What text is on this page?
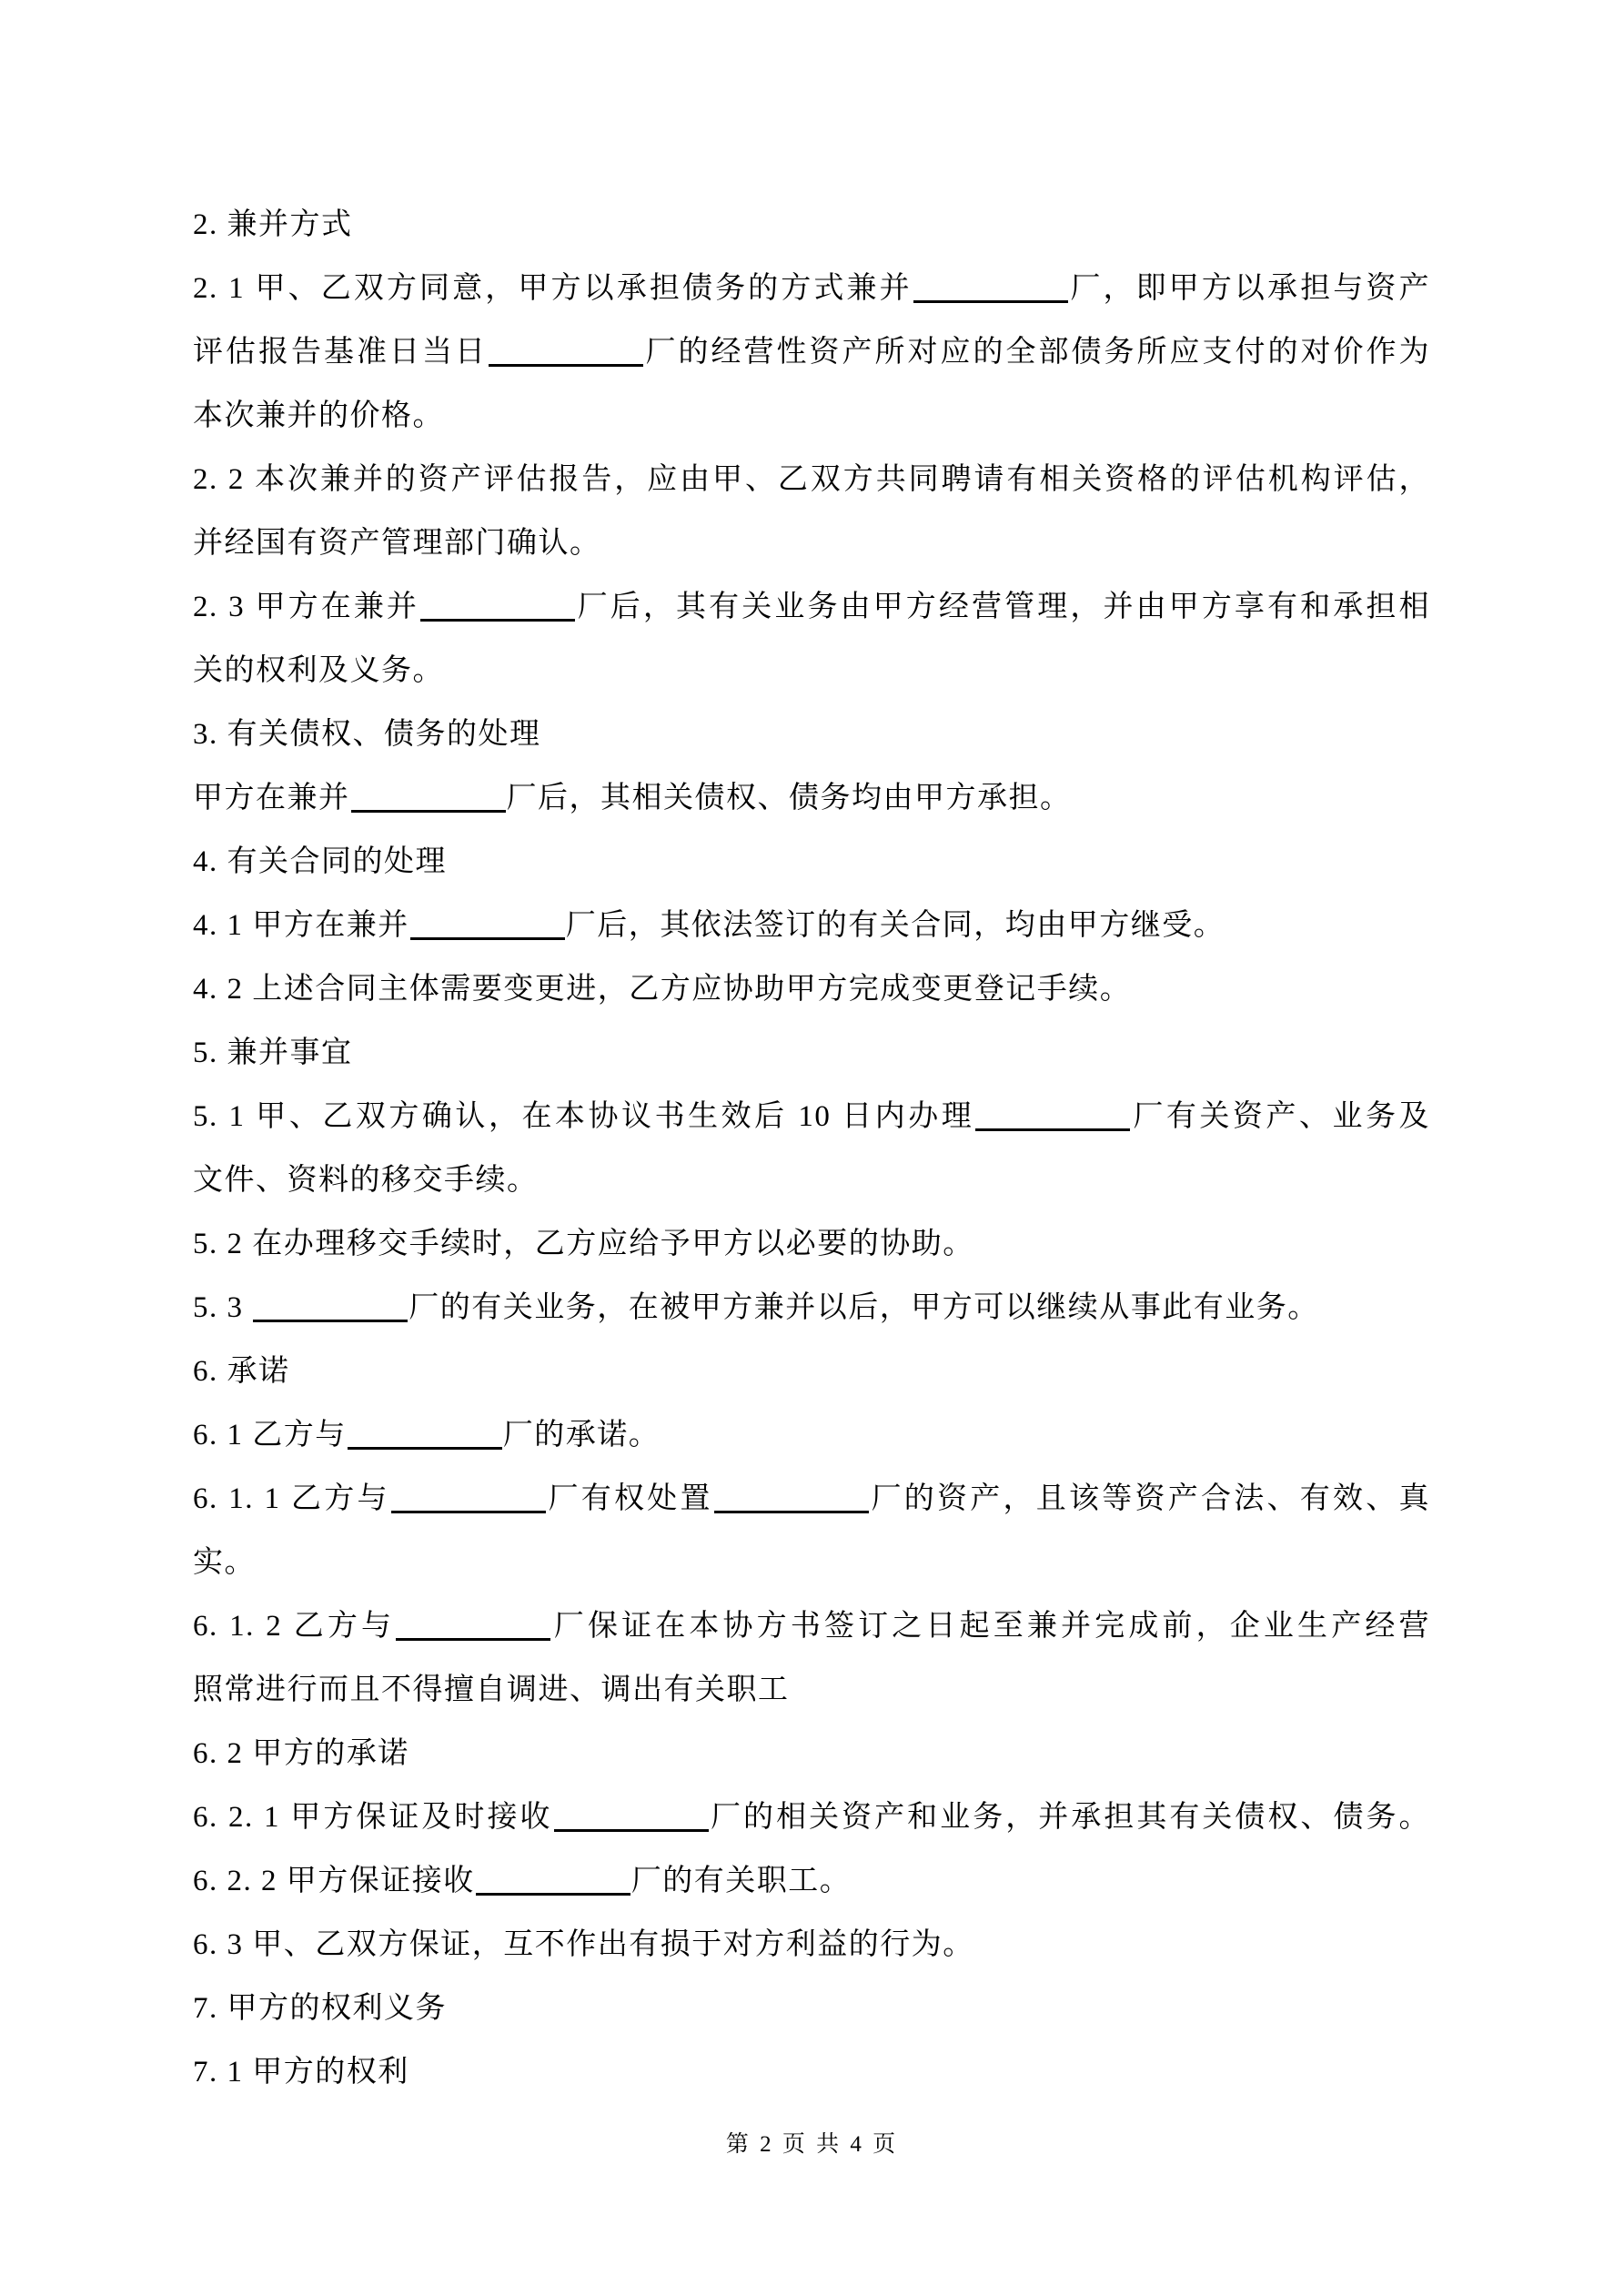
2. 兼并方式
2. 1 甲、乙双方同意，甲方以承担债务的方式兼并	厂，即甲方以承担与资产
评估报告基准日当日	厂的经营性资产所对应的全部债务所应支付的对价作为
本次兼并的价格。
2. 2 本次兼并的资产评估报告，应由甲、乙双方共同聘请有相关资格的评估机构评估，
并经国有资产管理部门确认。
2. 3 甲方在兼并	厂后，其有关业务由甲方经营管理，并由甲方享有和承担相
关的权利及义务。
3. 有关债权、债务的处理
甲方在兼并	厂后，其相关债权、债务均由甲方承担。
4. 有关合同的处理
4. 1 甲方在兼并	厂后，其依法签订的有关合同，均由甲方继受。
4. 2 上述合同主体需要变更进，乙方应协助甲方完成变更登记手续。
5. 兼并事宜
5. 1 甲、乙双方确认，在本协议书生效后 10 日内办理	厂有关资产、业务及
文件、资料的移交手续。
5. 2 在办理移交手续时，乙方应给予甲方以必要的协助。
5. 3	厂的有关业务，在被甲方兼并以后，甲方可以继续从事此有业务。
6. 承诺
6. 1 乙方与	厂的承诺。
6. 1. 1 乙方与	厂有权处置	厂的资产，且该等资产合法、有效、真
实。
6. 1. 2 乙方与	厂保证在本协方书签订之日起至兼并完成前，企业生产经营
照常进行而且不得擅自调进、调出有关职工
6. 2 甲方的承诺
6. 2. 1 甲方保证及时接收	厂的相关资产和业务，并承担其有关债权、债务。
6. 2. 2 甲方保证接收	厂的有关职工。
6. 3 甲、乙双方保证，互不作出有损于对方利益的行为。
7. 甲方的权利义务
7. 1 甲方的权利
第 2 页 共 4 页
